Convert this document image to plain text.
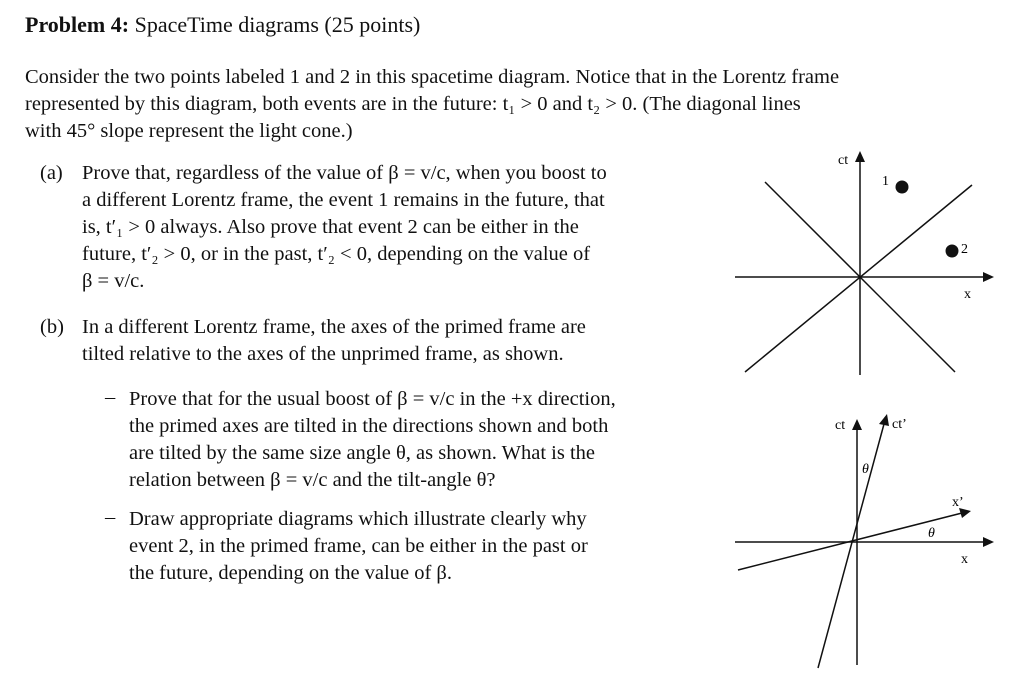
Problem 4: SpaceTime diagrams (25 points)
Consider the two points labeled 1 and 2 in this spacetime diagram. Notice that in the Lorentz frame
represented by this diagram, both events are in the future: t₁ > 0 and t₂ > 0. (The diagonal lines
with 45° slope represent the light cone.)
(a) Prove that, regardless of the value of β = v/c, when you boost to
a different Lorentz frame, the event 1 remains in the future, that
is, t′₁ > 0 always. Also prove that event 2 can be either in the
future, t′₂ > 0, or in the past, t′₂ < 0, depending on the value of
β = v/c.
(b) In a different Lorentz frame, the axes of the primed frame are
tilted relative to the axes of the unprimed frame, as shown.
– Prove that for the usual boost of β = v/c in the +x direction,
the primed axes are tilted in the directions shown and both
are tilted by the same size angle θ, as shown. What is the
relation between β = v/c and the tilt-angle θ?
– Draw appropriate diagrams which illustrate clearly why
event 2, in the primed frame, can be either in the past or
the future, depending on the value of β.
ct
x
1
2
ct	ct’
x
x’
θ
θ
